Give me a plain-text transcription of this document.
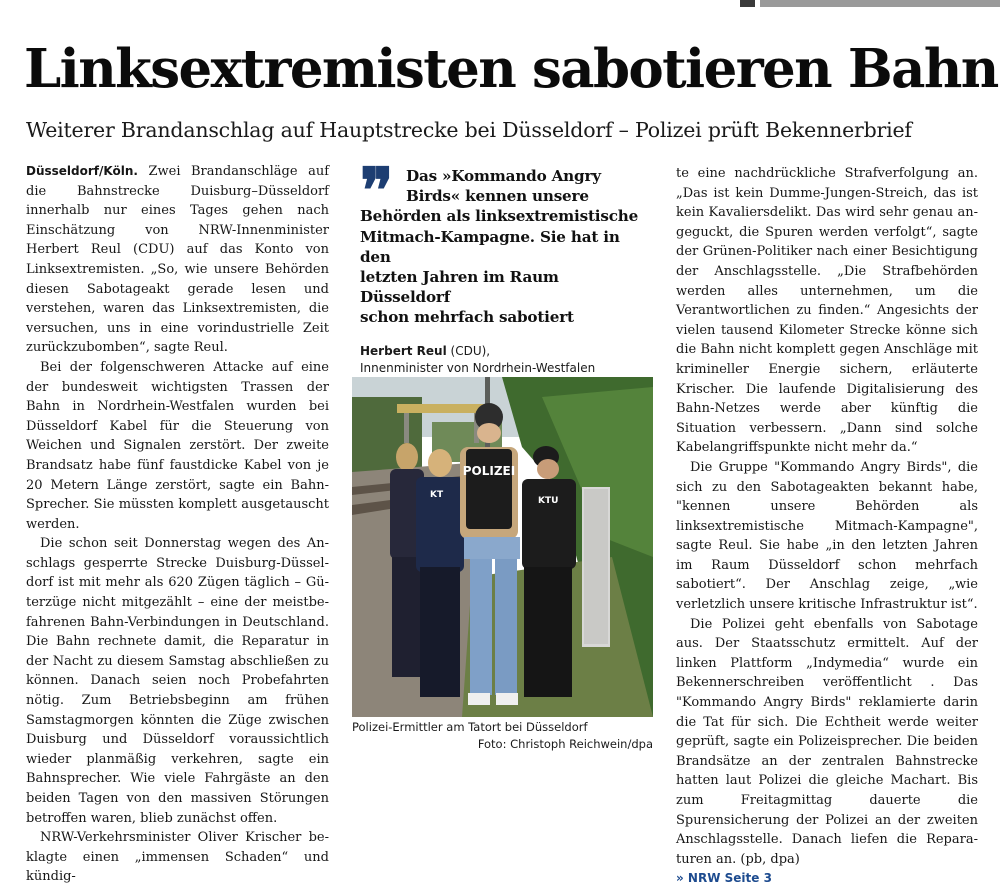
Linksextremisten sabotieren Bahn
Weiterer Brandanschlag auf Hauptstrecke bei Düsseldorf – Polizei prüft Bekennerbrief

Düsseldorf/Köln. Zwei Brandanschläge auf die Bahnstrecke Duisburg–Düsseldorf innerhalb nur eines Tages gehen nach Einschätzung von NRW-Innenminister Herbert Reul (CDU) auf das Konto von Linksextremisten. „So, wie unsere Behörden diesen Sabotageakt gerade lesen und verstehen, waren das Linksextremisten, die versuchen, uns in eine vorindustrielle Zeit zurückzubomben“, sagte Reul.

Bei der folgenschweren Attacke auf eine der bundesweit wichtigsten Trassen der Bahn in Nordrhein-Westfalen wurden bei Düsseldorf Kabel für die Steuerung von Weichen und Signalen zerstört. Der zweite Brandsatz habe fünf faustdicke Kabel von je 20 Metern Länge zerstört, sagte ein Bahn-Sprecher. Sie müssten komplett ausgetauscht werden.

Die schon seit Donnerstag wegen des Anschlags gesperrte Strecke Duisburg-Düsseldorf ist mit mehr als 620 Zügen täglich – Güterzüge nicht mitgezählt – eine der meistbefahrenen Bahn-Verbindungen in Deutschland. Die Bahn rechnete damit, die Reparatur in der Nacht zu diesem Samstag abschließen zu können. Danach seien noch Probefahrten nötig. Zum Betriebsbeginn am frühen Samstagmorgen könnten die Züge zwischen Duisburg und Düsseldorf voraussichtlich wieder planmäßig verkehren, sagte ein Bahnsprecher. Wie viele Fahrgäste an den beiden Tagen von den massiven Störungen betroffen waren, blieb zunächst offen.

NRW-Verkehrsminister Oliver Krischer beklagte einen „immensen Schaden“ und kündig-

❞ Das »Kommando Angry
Birds« kennen unsere
Behörden als linksextremistische
Mitmach-Kampagne. Sie hat in den
letzten Jahren im Raum Düsseldorf
schon mehrfach sabotiert
Herbert Reul (CDU),
Innenminister von Nordrhein-Westfalen
POLIZEI
KT
KTU
Polizei-Ermittler am Tatort bei Düsseldorf
Foto: Christoph Reichwein/dpa

te eine nachdrückliche Strafverfolgung an. „Das ist kein Dumme-Jungen-Streich, das ist kein Kavaliersdelikt. Das wird sehr genau angeguckt, die Spuren werden verfolgt“, sagte der Grünen-Politiker nach einer Besichtigung der Anschlagsstelle. „Die Strafbehörden werden alles unternehmen, um die Verantwortlichen zu finden.“ Angesichts der vielen tausend Kilometer Strecke könne sich die Bahn nicht komplett gegen Anschläge mit krimineller Energie sichern, erläuterte Krischer. Die laufende Digitalisierung des Bahn-Netzes werde aber künftig die Situation verbessern. „Dann sind solche Kabelangriffspunkte nicht mehr da.“

Die Gruppe "Kommando Angry Birds", die sich zu den Sabotageakten bekannt habe, "kennen unsere Behörden als linksextremistische Mitmach-Kampagne", sagte Reul. Sie habe „in den letzten Jahren im Raum Düsseldorf schon mehrfach sabotiert“. Der Anschlag zeige, „wie verletzlich unsere kritische Infrastruktur ist“.

Die Polizei geht ebenfalls von Sabotage aus. Der Staatsschutz ermittelt. Auf der linken Plattform „Indymedia“ wurde ein Bekennerschreiben veröffentlicht . Das "Kommando Angry Birds" reklamierte darin die Tat für sich. Die Echtheit werde weiter geprüft, sagte ein Polizeisprecher. Die beiden Brandsätze an der zentralen Bahnstrecke hatten laut Polizei die gleiche Machart. Bis zum Freitagmittag dauerte die Spurensicherung der Polizei an der zweiten Anschlagsstelle. Danach liefen die Reparaturen an. (pb, dpa)

» NRW Seite 3
